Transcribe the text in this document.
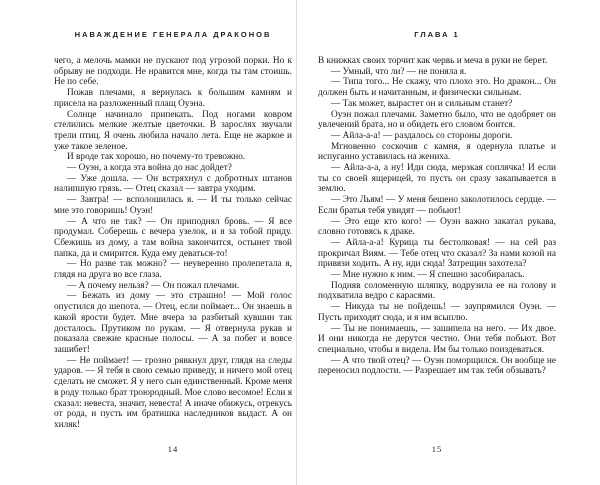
НАВАЖДЕНИЕ ГЕНЕРАЛА ДРАКОНОВ

чего, а мелочь мамки не пускают под угрозой порки. Но к обрыву не подходи. Не нравится мне, когда ты там стоишь. Не по себе.

Пожав плечами, я вернулась к большим камням и присела на разложенный плащ Оуэна.

Солнце начинало припекать. Под ногами ковром стелились мелкие желтые цветочки. В зарослях звучали трели птиц. Я очень любила начало лета. Еще не жаркое и уже такое зеленое.

И вроде так хорошо, но почему-то тревожно.

— Оуэн, а когда эта война до нас дойдет?

— Уже дошла. — Он встряхнул с добротных штанов налипшую грязь. — Отец сказал — завтра уходим.

— Завтра! — всполошилась я. — И ты только сейчас мне это говоришь! Оуэн!

— А что не так? — Он приподнял бровь. — Я все продумал. Соберешь с вечера узелок, и я за тобой приду. Сбежишь из дому, а там война закончится, остынет твой папка, да и смирится. Куда ему деваться-то!

— Но разве так можно? — неуверенно пролепетала я, глядя на друга во все глаза.

— А почему нельзя? — Он пожал плечами.

— Бежать из дому — это страшно! — Мой голос опустился до шепота. — Отец, если поймает... Он знаешь в какой ярости будет. Мне вчера за разбитый кувшин так досталось. Прутиком по рукам. — Я отвернула рукав и показала свежие красные полосы. — А за побег и вовсе зашибет!

— Не поймает! — грозно рявкнул друг, глядя на следы ударов. — Я тебя в свою семью приведу, и ничего мой отец сделать не сможет. Я у него сын единственный. Кроме меня в роду только брат троюродный. Мое слово весомое! Если я сказал: невеста, значит, невеста! А иначе обижусь, отрекусь от рода, и пусть им братишка наследников выдаст. А он хиляк!

14
ГЛАВА 1

В книжках своих торчит как червь и меча в руки не берет.

— Умный, что ли? — не поняла я.

— Типа того... Не скажу, что плохо это. Но дракон... Он должен быть и начитанным, и физически сильным.

— Так может, вырастет он и сильным станет?

Оуэн пожал плечами. Заметно было, что не одобряет он увлечений брата, но и обидеть его словом боится.

— Айла-а-а! — раздалось со стороны дороги.

Мгновенно соскочив с камня, я одернула платье и испуганно уставилась на жениха.

— Айла-а-а, а ну! Иди сюда, мерзкая соплячка! И если ты со своей ящерицей, то пусть он сразу закапывается в землю.

— Это Льям! — У меня бешено заколотилось сердце. — Если братья тебя увидят — побьют!

— Это еще кто кого! — Оуэн важно закатал рукава, словно готовясь к драке.

— Айла-а-а! Курица ты бестолковая! — на сей раз прокричал Виям. — Тебе отец что сказал? За нами козой на привязи ходить. А ну, иди сюда! Затрещин захотела?

— Мне нужно к ним. — Я спешно засобиралась.

Подняв соломенную шляпку, водрузила ее на голову и подхватила ведро с карасями.

— Никуда ты не пойдешь! — заупрямился Оуэн. — Пусть приходят сюда, и я им всыплю.

— Ты не понимаешь, — зашипела на него. — Их двое. И они никогда не дерутся честно. Они тебя побьют. Вот специально, чтобы я видела. Им бы только поиздеваться.

— А что твой отец? — Оуэн поморщился. Он вообще не переносил подлости. — Разрешает им так тебя обзывать?

15
